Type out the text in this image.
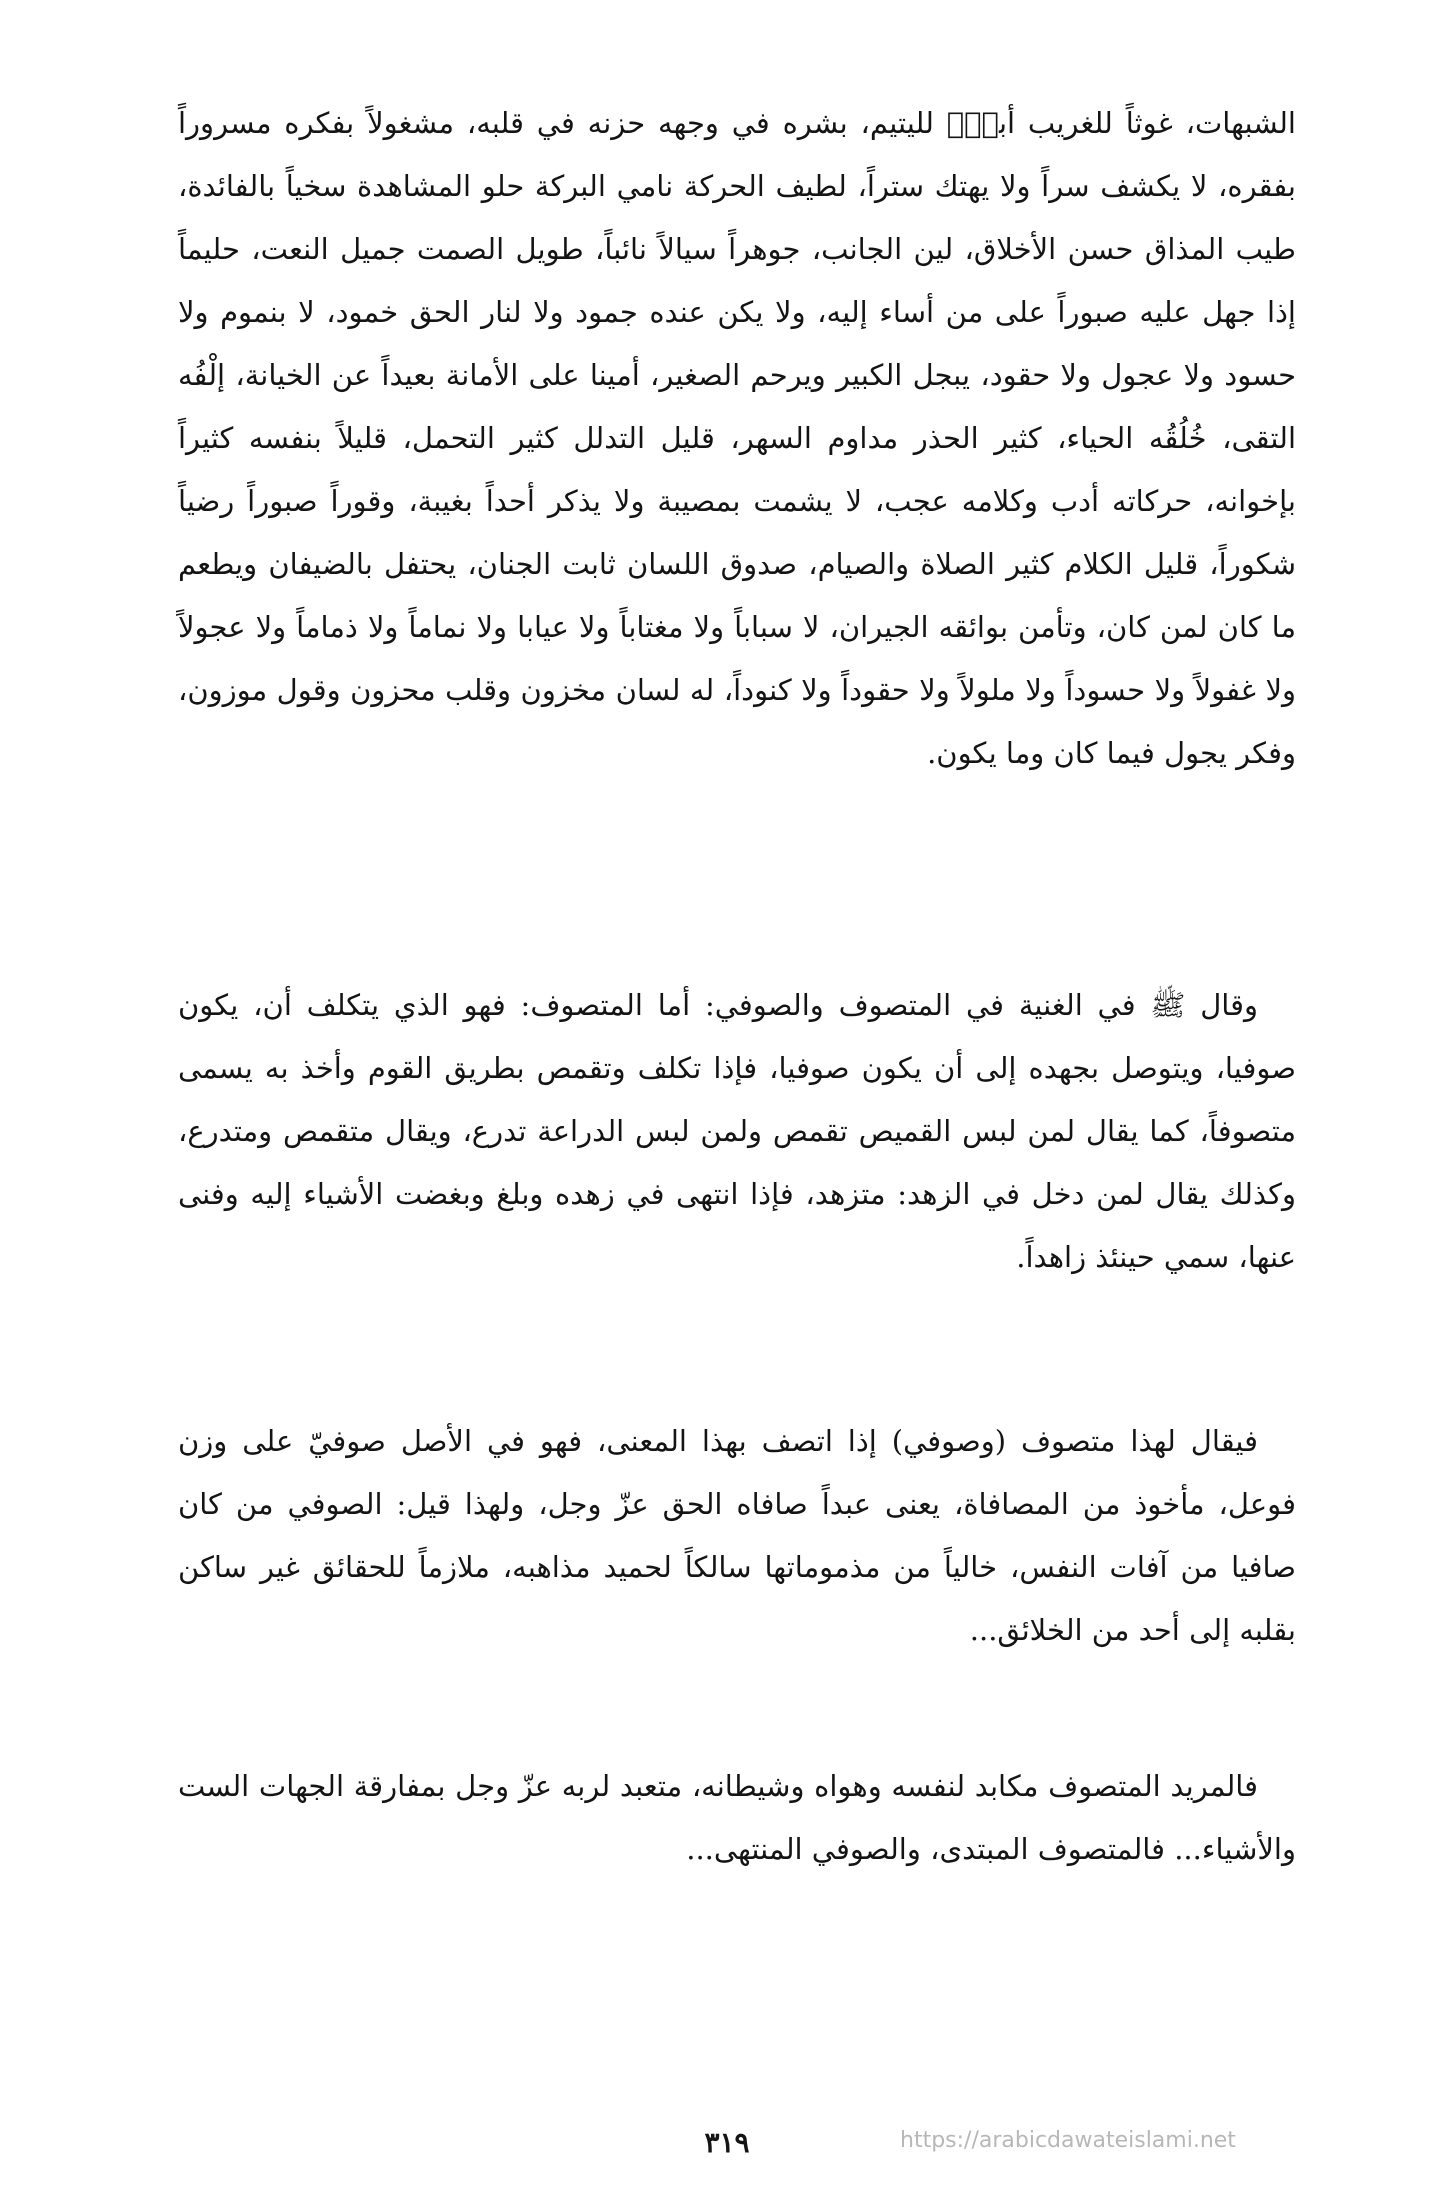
الشبهات، غوثاً للغريب أباًۚ لليتيم، بشره في وجهه حزنه في قلبه، مشغولاً بفكره مسروراً بفقره، لا يكشف سراً ولا يهتك ستراً، لطيف الحركة نامي البركة حلو المشاهدة سخياً بالفائدة، طيب المذاق حسن الأخلاق، لين الجانب، جوهراً سيالاً نائباً، طويل الصمت جميل النعت، حليماً إذا جهل عليه صبوراً على من أساء إليه، ولا يكن عنده جمود ولا لنار الحق خمود، لا بنموم ولا حسود ولا عجول ولا حقود، يبجل الكبير ويرحم الصغير، أمينا على الأمانة بعيداً عن الخيانة، إلْفُه التقى، خُلُقُه الحياء، كثير الحذر مداوم السهر، قليل التدلل كثير التحمل، قليلاً بنفسه كثيراً بإخوانه، حركاته أدب وكلامه عجب، لا يشمت بمصيبة ولا يذكر أحداً بغيبة، وقوراً صبوراً رضياً شكوراً، قليل الكلام كثير الصلاة والصيام، صدوق اللسان ثابت الجنان، يحتفل بالضيفان ويطعم ما كان لمن كان، وتأمن بوائقه الجيران، لا سباباً ولا مغتاباً ولا عيابا ولا نماماً ولا ذماماً ولا عجولاً ولا غفولاً ولا حسوداً ولا ملولاً ولا حقوداً ولا كنوداً، له لسان مخزون وقلب محزون وقول موزون، وفكر يجول فيما كان وما يكون.

وقال ﷺ في الغنية في المتصوف والصوفي: أما المتصوف: فهو الذي يتكلف أن، يكون صوفيا، ويتوصل بجهده إلى أن يكون صوفيا، فإذا تكلف وتقمص بطريق القوم وأخذ به يسمى متصوفاً، كما يقال لمن لبس القميص تقمص ولمن لبس الدراعة تدرع، ويقال متقمص ومتدرع، وكذلك يقال لمن دخل في الزهد: متزهد، فإذا انتهى في زهده وبلغ وبغضت الأشياء إليه وفنى عنها، سمي حينئذ زاهداً.

فيقال لهذا متصوف (وصوفي) إذا اتصف بهذا المعنى، فهو في الأصل صوفيّ على وزن فوعل، مأخوذ من المصافاة، يعنى عبداً صافاه الحق عزّ وجل، ولهذا قيل: الصوفي من كان صافيا من آفات النفس، خالياً من مذموماتها سالكاً لحميد مذاهبه، ملازماً للحقائق غير ساكن بقلبه إلى أحد من الخلائق...

فالمريد المتصوف مكابد لنفسه وهواه وشيطانه، متعبد لربه عزّ وجل بمفارقة الجهات الست والأشياء... فالمتصوف المبتدى، والصوفي المنتهى...

٣١٩	https://arabicdawateislami.net
